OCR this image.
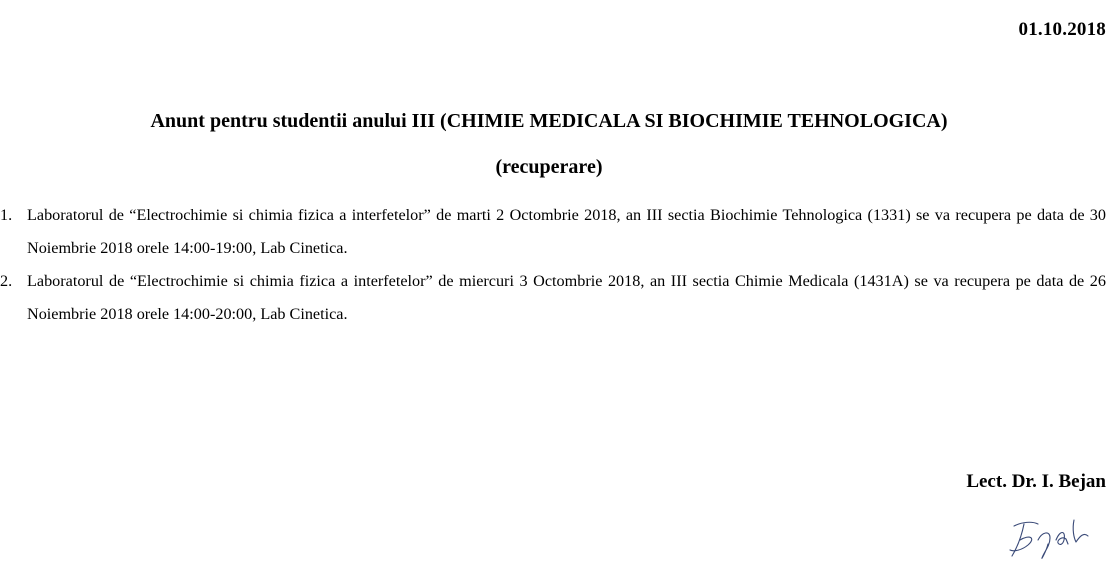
01.10.2018
Anunt pentru studentii anului III (CHIMIE MEDICALA SI BIOCHIMIE TEHNOLOGICA)
(recuperare)
1. Laboratorul de “Electrochimie si chimia fizica a interfetelor” de marti 2 Octombrie 2018, an III sectia Biochimie Tehnologica (1331) se va recupera pe data de 30 Noiembrie 2018 orele 14:00-19:00, Lab Cinetica.
2. Laboratorul de “Electrochimie si chimia fizica a interfetelor” de miercuri 3 Octombrie 2018, an III sectia Chimie Medicala (1431A) se va recupera pe data de 26 Noiembrie 2018 orele 14:00-20:00, Lab Cinetica.
Lect. Dr. I. Bejan
